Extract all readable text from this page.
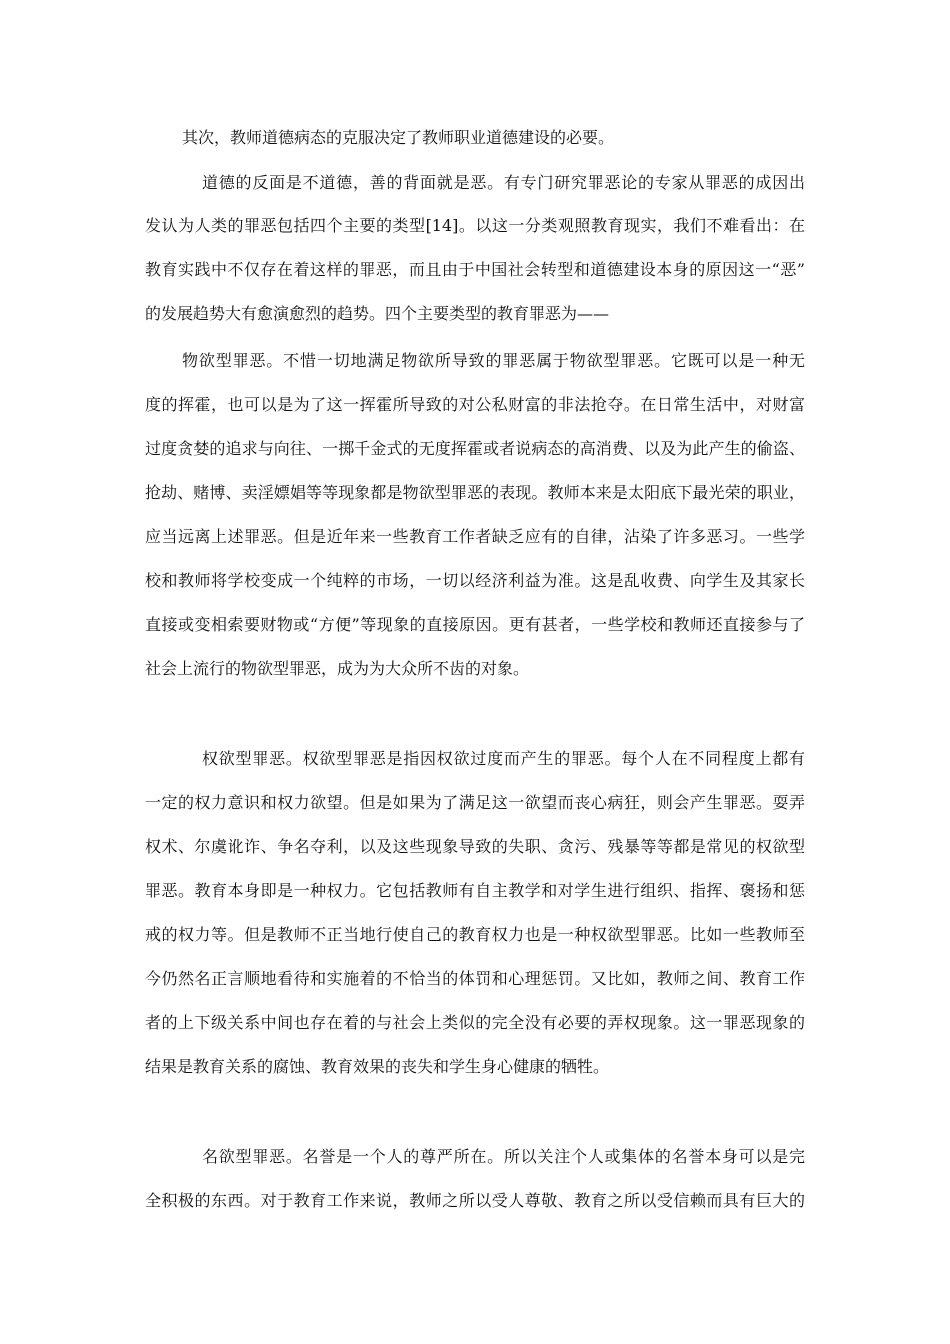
其次，教师道德病态的克服决定了教师职业道德建设的必要。
道德的反面是不道德，善的背面就是恶。有专门研究罪恶论的专家从罪恶的成因出
发认为人类的罪恶包括四个主要的类型[14]。以这一分类观照教育现实，我们不难看出：在
教育实践中不仅存在着这样的罪恶，而且由于中国社会转型和道德建设本身的原因这一“恶”
的发展趋势大有愈演愈烈的趋势。四个主要类型的教育罪恶为——
物欲型罪恶。不惜一切地满足物欲所导致的罪恶属于物欲型罪恶。它既可以是一种无
度的挥霍，也可以是为了这一挥霍所导致的对公私财富的非法抢夺。在日常生活中，对财富
过度贪婪的追求与向往、一掷千金式的无度挥霍或者说病态的高消费、以及为此产生的偷盗、
抢劫、赌博、卖淫嫖娼等等现象都是物欲型罪恶的表现。教师本来是太阳底下最光荣的职业，
应当远离上述罪恶。但是近年来一些教育工作者缺乏应有的自律，沾染了许多恶习。一些学
校和教师将学校变成一个纯粹的市场，一切以经济利益为准。这是乱收费、向学生及其家长
直接或变相索要财物或“方便”等现象的直接原因。更有甚者，一些学校和教师还直接参与了
社会上流行的物欲型罪恶，成为为大众所不齿的对象。
权欲型罪恶。权欲型罪恶是指因权欲过度而产生的罪恶。每个人在不同程度上都有
一定的权力意识和权力欲望。但是如果为了满足这一欲望而丧心病狂，则会产生罪恶。耍弄
权术、尔虞讹诈、争名夺利，以及这些现象导致的失职、贪污、残暴等等都是常见的权欲型
罪恶。教育本身即是一种权力。它包括教师有自主教学和对学生进行组织、指挥、褒扬和惩
戒的权力等。但是教师不正当地行使自己的教育权力也是一种权欲型罪恶。比如一些教师至
今仍然名正言顺地看待和实施着的不恰当的体罚和心理惩罚。又比如，教师之间、教育工作
者的上下级关系中间也存在着的与社会上类似的完全没有必要的弄权现象。这一罪恶现象的
结果是教育关系的腐蚀、教育效果的丧失和学生身心健康的牺牲。
名欲型罪恶。名誉是一个人的尊严所在。所以关注个人或集体的名誉本身可以是完
全积极的东西。对于教育工作来说，教师之所以受人尊敬、教育之所以受信赖而具有巨大的
